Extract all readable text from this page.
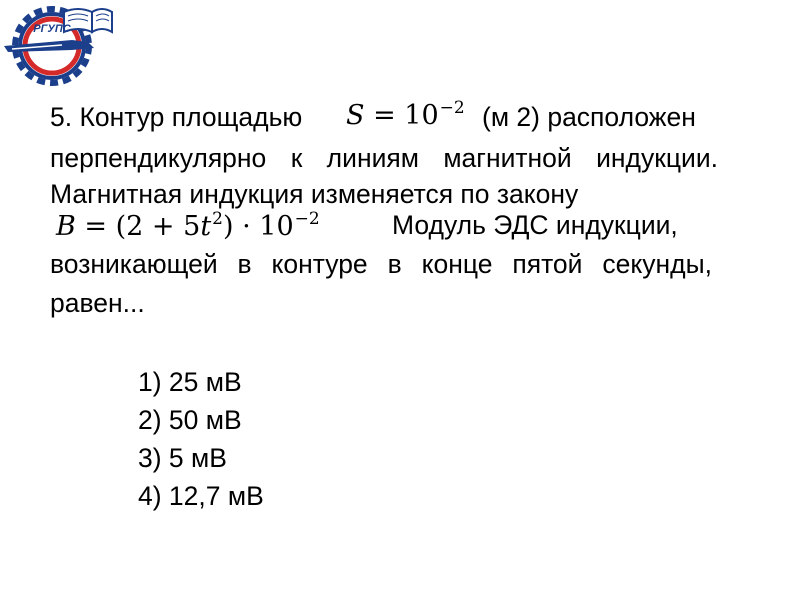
РОСТОВ-НА-ДОН
РГУПС
5. Контур площадью $S = 10^{-2}$ (м 2) расположен
перпендикулярно к линиям магнитной индукции.
Магнитная индукция изменяется по закону
$B = (2 + 5t^2) \cdot 10^{-2}$	Модуль ЭДС индукции,
возникающей в контуре в конце пятой секунды,
равен...
1) 25 мВ
2) 50 мВ
3) 5 мВ
4) 12,7 мВ
